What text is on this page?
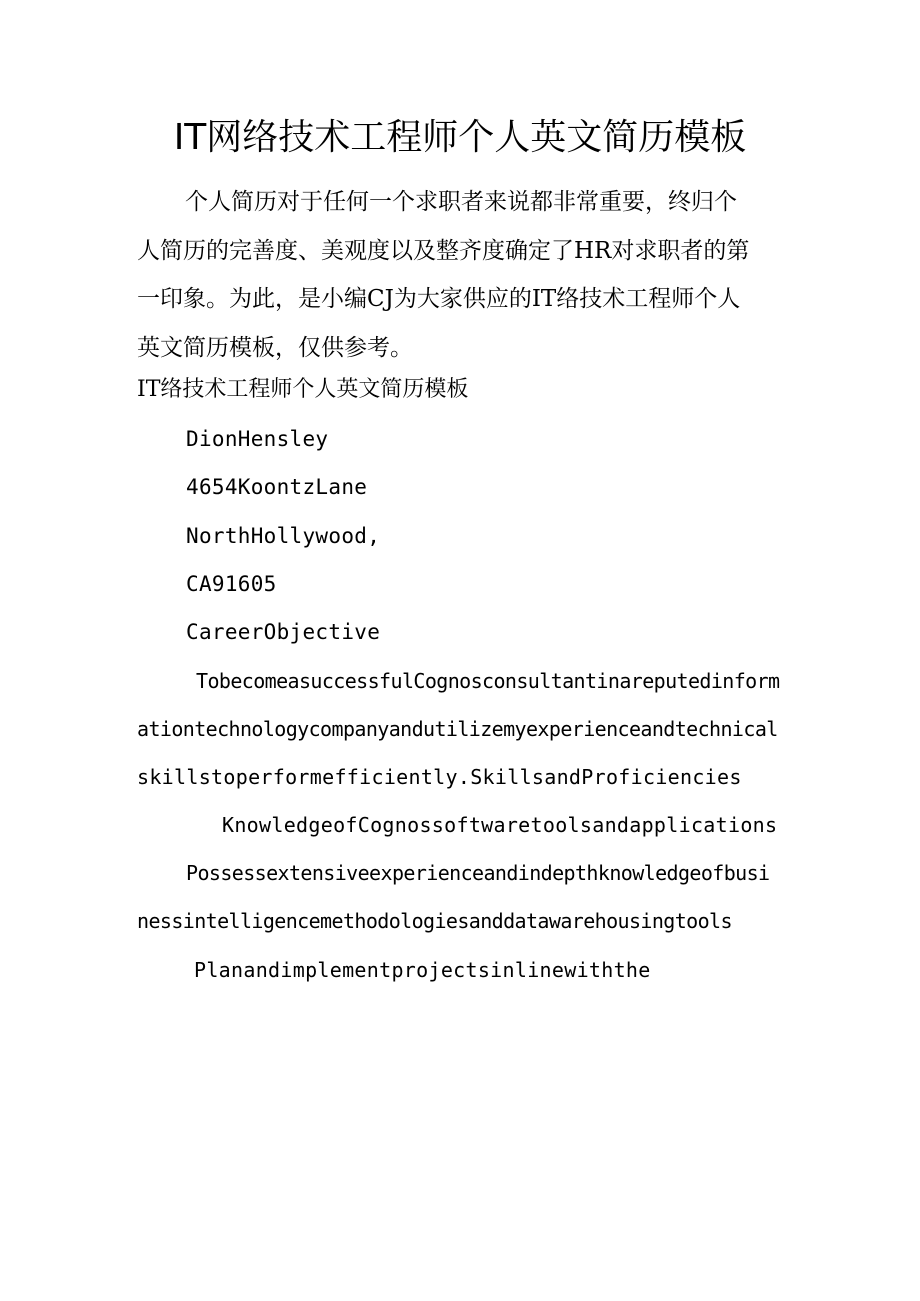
IT网络技术工程师个人英文简历模板

个人简历对于任何一个求职者来说都非常重要，终归个
人简历的完善度、美观度以及整齐度确定了HR对求职者的第
一印象。为此，是小编CJ为大家供应的IT络技术工程师个人
英文简历模板，仅供参考。

IT络技术工程师个人英文简历模板

DionHensley

4654KoontzLane

NorthHollywood,

CA91605

CareerObjective

TobecomeasuccessfulCognosconsultantinareputedinform

ationtechnologycompanyandutilizemyexperienceandtechnical

skillstoperformefficiently.SkillsandProficiencies

KnowledgeofCognossoftwaretoolsandapplications

Possessextensiveexperienceandindepthknowledgeofbusi

nessintelligencemethodologiesanddatawarehousingtools

Planandimplementprojectsinlinewiththe
